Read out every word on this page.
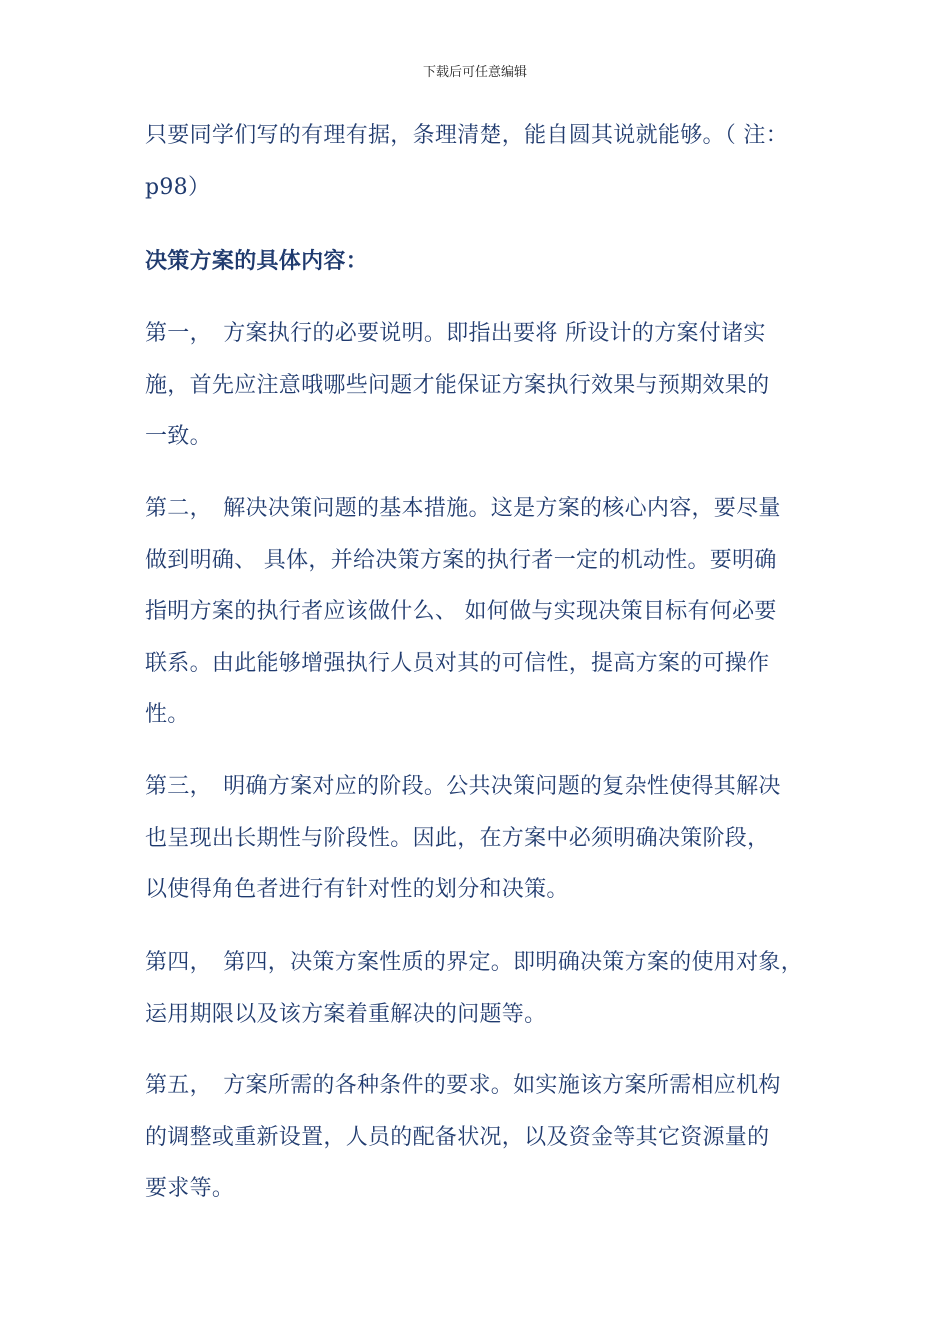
下载后可任意编辑
只要同学们写的有理有据，条理清楚，能自圆其说就能够。（ 注：
p98）
决策方案的具体内容：
第一，　方案执行的必要说明。即指出要将 所设计的方案付诸实
施，首先应注意哦哪些问题才能保证方案执行效果与预期效果的
一致。
第二，　解决决策问题的基本措施。这是方案的核心内容，要尽量
做到明确、 具体，并给决策方案的执行者一定的机动性。要明确
指明方案的执行者应该做什么、 如何做与实现决策目标有何必要
联系。由此能够增强执行人员对其的可信性，提高方案的可操作
性。
第三，　明确方案对应的阶段。公共决策问题的复杂性使得其解决
也呈现出长期性与阶段性。因此，在方案中必须明确决策阶段，
以使得角色者进行有针对性的划分和决策。
第四，　第四，决策方案性质的界定。即明确决策方案的使用对象，
运用期限以及该方案着重解决的问题等。
第五，　方案所需的各种条件的要求。如实施该方案所需相应机构
的调整或重新设置，人员的配备状况，以及资金等其它资源量的
要求等。
